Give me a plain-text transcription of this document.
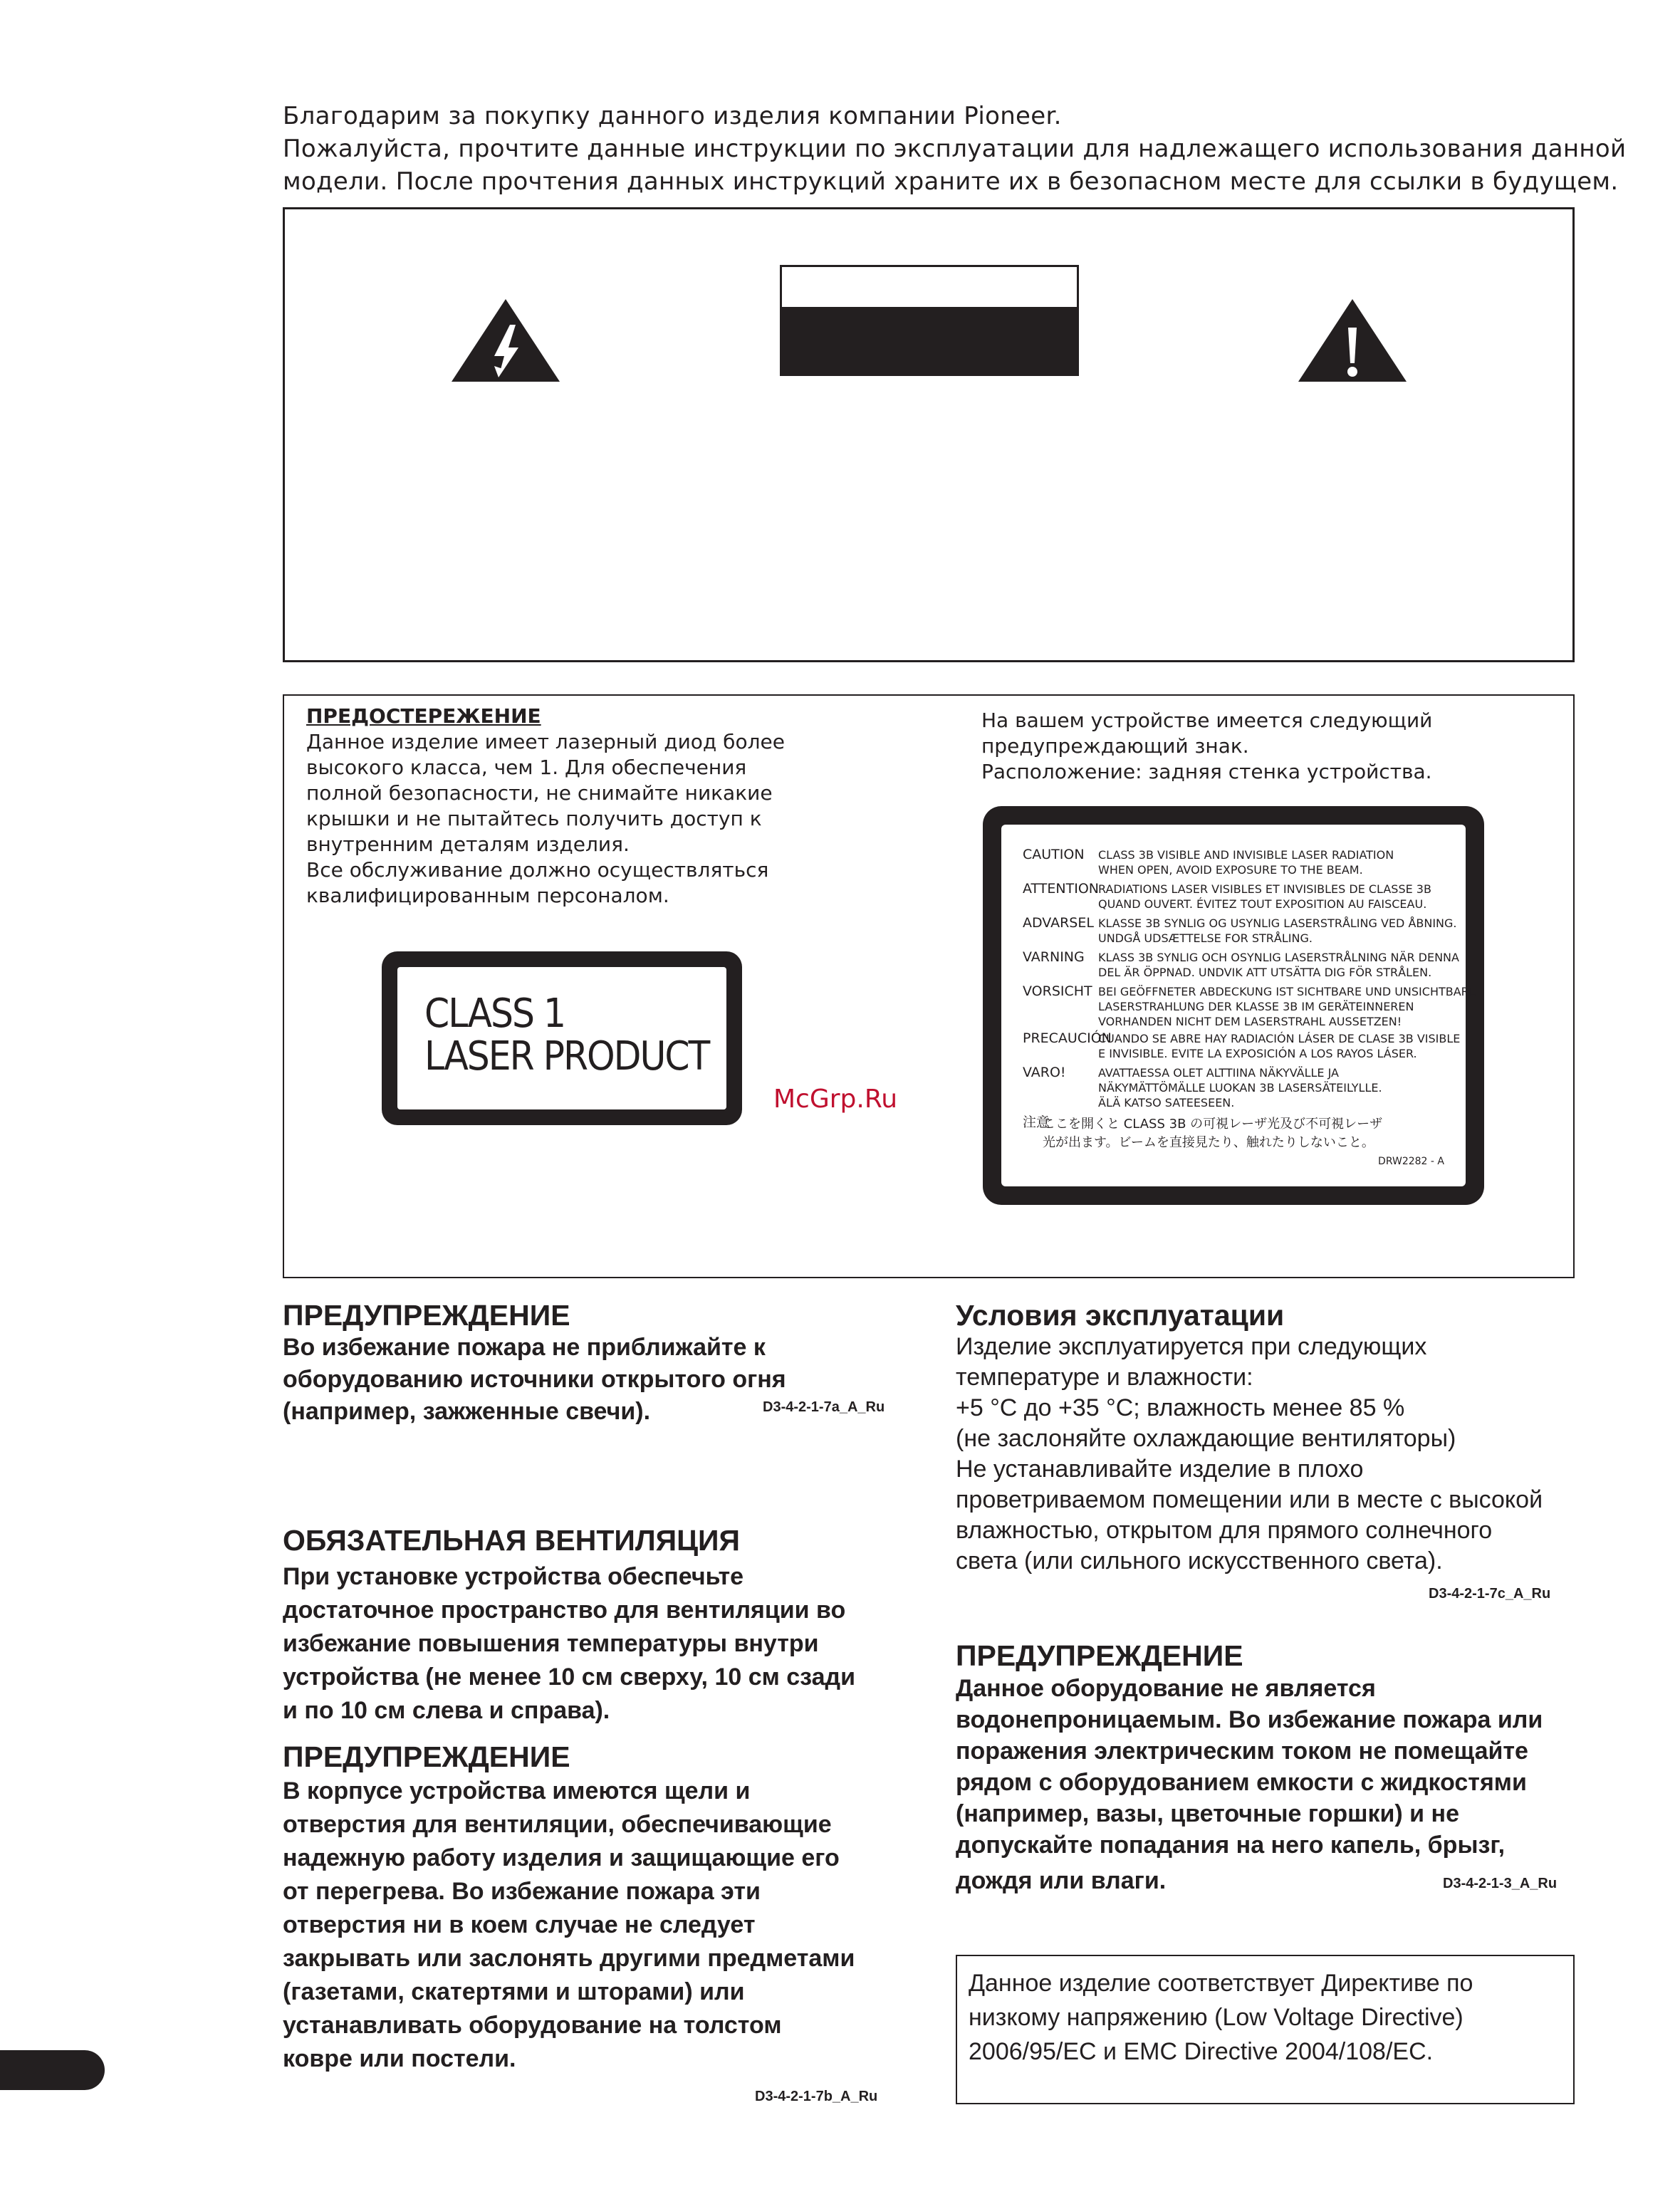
Благодарим за покупку данного изделия компании Pioneer.
Пожалуйста, прочтите данные инструкции по эксплуатации для надлежащего использования данной
модели. После прочтения данных инструкций храните их в безопасном месте для ссылки в будущем.
ПРЕДОСТЕРЕЖЕНИЕ
Данное изделие имеет лазерный диод более
высокого класса, чем 1. Для обеспечения
полной безопасности, не снимайте никакие
крышки и не пытайтесь получить доступ к
внутренним деталям изделия.
Все обслуживание должно осуществляться
квалифицированным персоналом.
CLASS 1
LASER PRODUCT
McGrp.Ru
На вашем устройстве имеется следующий
предупреждающий знак.
Расположение: задняя стенка устройства.
CAUTION CLASS 3B VISIBLE AND INVISIBLE LASER RADIATION
WHEN OPEN, AVOID EXPOSURE TO THE BEAM.
ATTENTION RADIATIONS LASER VISIBLES ET INVISIBLES DE CLASSE 3B
QUAND OUVERT. ÉVITEZ TOUT EXPOSITION AU FAISCEAU.
ADVARSEL KLASSE 3B SYNLIG OG USYNLIG LASERSTRÅLING VED ÅBNING.
UNDGÅ UDSÆTTELSE FOR STRÅLING.
VARNING KLASS 3B SYNLIG OCH OSYNLIG LASERSTRÅLNING NÄR DENNA
DEL ÄR ÖPPNAD. UNDVIK ATT UTSÄTTA DIG FÖR STRÅLEN.
VORSICHT BEI GEÖFFNETER ABDECKUNG IST SICHTBARE UND UNSICHTBARE
LASERSTRAHLUNG DER KLASSE 3B IM GERÄTEINNEREN
VORHANDEN NICHT DEM LASERSTRAHL AUSSETZEN!
PRECAUCIÓN
CUANDO SE ABRE HAY RADIACIÓN LÁSER DE CLASE 3B VISIBLE
E INVISIBLE. EVITE LA EXPOSICIÓN A LOS RAYOS LÁSER.
VARO!	AVATTAESSA OLET ALTTIINA NÄKYVÄLLE JA
NÄKYMÄTTÖMÄLLE LUOKAN 3B LASERSÄTEILYLLE.
ÄLÄ KATSO SATEESEEN.
注意
ここを開くと CLASS 3B の可視レーザ光及び不可視レーザ
光が出ます。ビームを直接見たり、触れたりしないこと。
DRW2282 - A
ПРЕДУПРЕЖДЕНИЕ
Во избежание пожара не приближайте к
оборудованию источники открытого огня
(например, зажженные свечи).	D3-4-2-1-7a_A_Ru
ОБЯЗАТЕЛЬНАЯ ВЕНТИЛЯЦИЯ
При установке устройства обеспечьте
достаточное пространство для вентиляции во
избежание повышения температуры внутри
устройства (не менее 10 см сверху, 10 см сзади
и по 10 см слева и справа).
ПРЕДУПРЕЖДЕНИЕ
В корпусе устройства имеются щели и
отверстия для вентиляции, обеспечивающие
надежную работу изделия и защищающие его
от перегрева. Во избежание пожара эти
отверстия ни в коем случае не следует
закрывать или заслонять другими предметами
(газетами, скатертями и шторами) или
устанавливать оборудование на толстом
ковре или постели.
D3-4-2-1-7b_A_Ru
Условия эксплуатации
Изделие эксплуатируется при следующих
температуре и влажности:
+5 °C до +35 °C; влажность менее 85 %
(не заслоняйте охлаждающие вентиляторы)
Не устанавливайте изделие в плохо
проветриваемом помещении или в месте с высокой
влажностью, открытом для прямого солнечного
света (или сильного искусственного света).
D3-4-2-1-7c_A_Ru
ПРЕДУПРЕЖДЕНИЕ
Данное оборудование не является
водонепроницаемым. Во избежание пожара или
поражения электрическим током не помещайте
рядом с оборудованием емкости с жидкостями
(например, вазы, цветочные горшки) и не
допускайте попадания на него капель, брызг,
дождя или влаги.	D3-4-2-1-3_A_Ru
Данное изделие соответствует Директиве по
низкому напряжению (Low Voltage Directive)
2006/95/EC и EMC Directive 2004/108/EC.
